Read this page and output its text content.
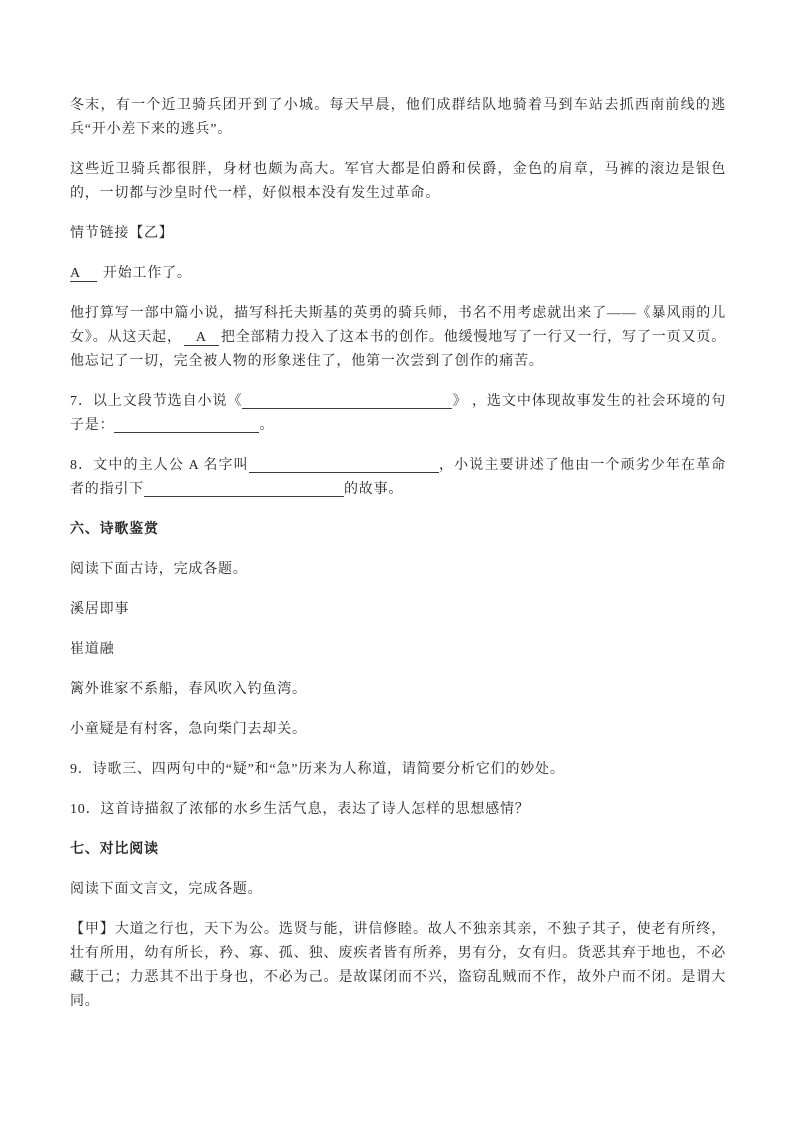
冬末，有一个近卫骑兵团开到了小城。每天早晨，他们成群结队地骑着马到车站去抓西南前线的逃兵“开小差下来的逃兵”。

这些近卫骑兵都很胖，身材也颇为高大。军官大都是伯爵和侯爵，金色的肩章，马裤的滚边是银色的，一切都与沙皇时代一样，好似根本没有发生过革命。

情节链接【乙】

A 开始工作了。

他打算写一部中篇小说，描写科托夫斯基的英勇的骑兵师，书名不用考虑就出来了——《暴风雨的儿女》。从这天起， A 把全部精力投入了这本书的创作。他缓慢地写了一行又一行，写了一页又页。他忘记了一切，完全被人物的形象迷住了，他第一次尝到了创作的痛苦。

7．以上文段节选自小说《	》 ，选文中体现故事发生的社会环境的句子是：	。

8．文中的主人公 A 名字叫	，小说主要讲述了他由一个顽劣少年在革命者的指引下	的故事。

六、诗歌鉴赏

阅读下面古诗，完成各题。

溪居即事

崔道融

篱外谁家不系船，春风吹入钓鱼湾。

小童疑是有村客，急向柴门去却关。

9．诗歌三、四两句中的“疑”和“急”历来为人称道，请简要分析它们的妙处。

10．这首诗描叙了浓郁的水乡生活气息，表达了诗人怎样的思想感情？

七、对比阅读

阅读下面文言文，完成各题。

【甲】大道之行也，天下为公。选贤与能，讲信修睦。故人不独亲其亲，不独子其子，使老有所终，壮有所用，幼有所长，矜、寡、孤、独、废疾者皆有所养，男有分，女有归。货恶其弃于地也，不必藏于己；力恶其不出于身也，不必为己。是故谋闭而不兴，盗窃乱贼而不作，故外户而不闭。是谓大同。
